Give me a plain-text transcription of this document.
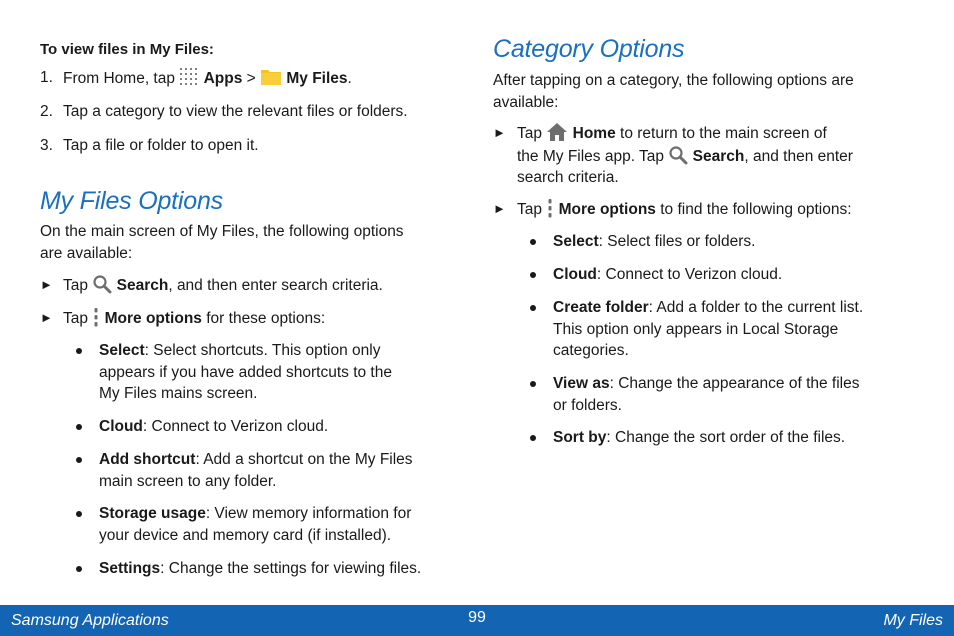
To view files in My Files:
1. From Home, tap Apps > My Files.
2. Tap a category to view the relevant files or folders.
3. Tap a file or folder to open it.
My Files Options
On the main screen of My Files, the following options
are available:
► Tap Search, and then enter search criteria.
► Tap More options for these options:
Select: Select shortcuts. This option only
appears if you have added shortcuts to the
My Files mains screen.
Cloud: Connect to Verizon cloud.
Add shortcut: Add a shortcut on the My Files
main screen to any folder.
Storage usage: View memory information for
your device and memory card (if installed).
Settings: Change the settings for viewing files.
Category Options
After tapping on a category, the following options are
available:
► Tap Home to return to the main screen of
the My Files app. Tap Search, and then enter
search criteria.
► Tap More options to find the following options:
Select: Select files or folders.
Cloud: Connect to Verizon cloud.
Create folder: Add a folder to the current list.
This option only appears in Local Storage
categories.
View as: Change the appearance of the files
or folders.
Sort by: Change the sort order of the files.
Samsung Applications	99	My Files
